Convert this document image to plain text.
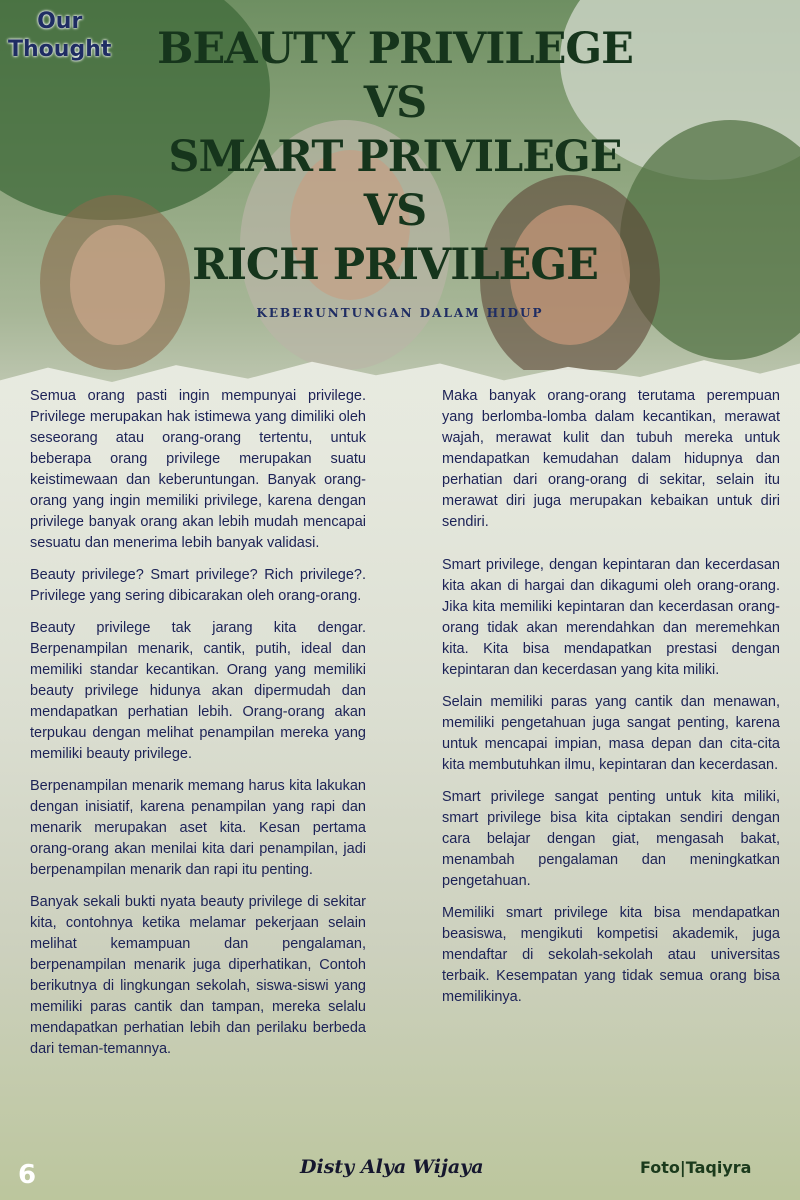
Our
Thought BEAUTY PRIVILEGE
VS
SMART PRIVILEGE
VS
RICH PRIVILEGE
KEBERUNTUNGAN DALAM HIDUP

Semua orang pasti ingin mempunyai privilege. Privilege merupakan hak istimewa yang dimiliki oleh seseorang atau orang-orang tertentu, untuk beberapa orang privilege merupakan suatu keistimewaan dan keberuntungan. Banyak orang-orang yang ingin memiliki privilege, karena dengan privilege banyak orang akan lebih mudah mencapai sesuatu dan menerima lebih banyak validasi.

Beauty privilege? Smart privilege? Rich privilege?. Privilege yang sering dibicarakan oleh orang-orang.

Beauty privilege tak jarang kita dengar. Berpenampilan menarik, cantik, putih, ideal dan memiliki standar kecantikan. Orang yang memiliki beauty privilege hidunya akan dipermudah dan mendapatkan perhatian lebih. Orang-orang akan terpukau dengan melihat penampilan mereka yang memiliki beauty privilege.

Berpenampilan menarik memang harus kita lakukan dengan inisiatif, karena penampilan yang rapi dan menarik merupakan aset kita. Kesan pertama orang-orang akan menilai kita dari penampilan, jadi berpenampilan menarik dan rapi itu penting.

Banyak sekali bukti nyata beauty privilege di sekitar kita, contohnya ketika melamar pekerjaan selain melihat kemampuan dan pengalaman, berpenampilan menarik juga diperhatikan, Contoh berikutnya di lingkungan sekolah, siswa-siswi yang memiliki paras cantik dan tampan, mereka selalu mendapatkan perhatian lebih dan perilaku berbeda dari teman-temannya.

Maka banyak orang-orang terutama perempuan yang berlomba-lomba dalam kecantikan, merawat wajah, merawat kulit dan tubuh mereka untuk mendapatkan kemudahan dalam hidupnya dan perhatian dari orang-orang di sekitar, selain itu merawat diri juga merupakan kebaikan untuk diri sendiri.

Smart privilege, dengan kepintaran dan kecerdasan kita akan di hargai dan dikagumi oleh orang-orang. Jika kita memiliki kepintaran dan kecerdasan orang-orang tidak akan merendahkan dan meremehkan kita. Kita bisa mendapatkan prestasi dengan kepintaran dan kecerdasan yang kita miliki.

Selain memiliki paras yang cantik dan menawan, memiliki pengetahuan juga sangat penting, karena untuk mencapai impian, masa depan dan cita-cita kita membutuhkan ilmu, kepintaran dan kecerdasan.

Smart privilege sangat penting untuk kita miliki, smart privilege bisa kita ciptakan sendiri dengan cara belajar dengan giat, mengasah bakat, menambah pengalaman dan meningkatkan pengetahuan.

Memiliki smart privilege kita bisa mendapatkan beasiswa, mengikuti kompetisi akademik, juga mendaftar di sekolah-sekolah atau universitas terbaik. Kesempatan yang tidak semua orang bisa memilikinya.

6	Disty Alya Wijaya	Foto|Taqiyra
